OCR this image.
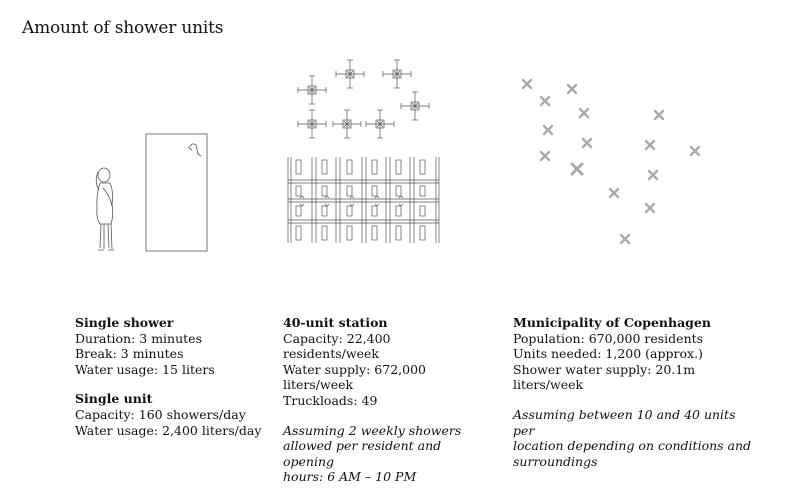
Amount of shower units
Single shower
Duration: 3 minutes
Break: 3 minutes
Water usage: 15 liters
Single unit
Capacity: 160 showers/day
Water usage: 2,400 liters/day
40-unit station
Capacity: 22,400 residents/week
Water supply: 672,000 liters/week
Truckloads: 49
Assuming 2 weekly showers
allowed per resident and opening
hours: 6 AM – 10 PM
Municipality of Copenhagen
Population: 670,000 residents
Units needed: 1,200 (approx.)
Shower water supply: 20.1m liters/week
Assuming between 10 and 40 units per
location depending on conditions and
surroundings
